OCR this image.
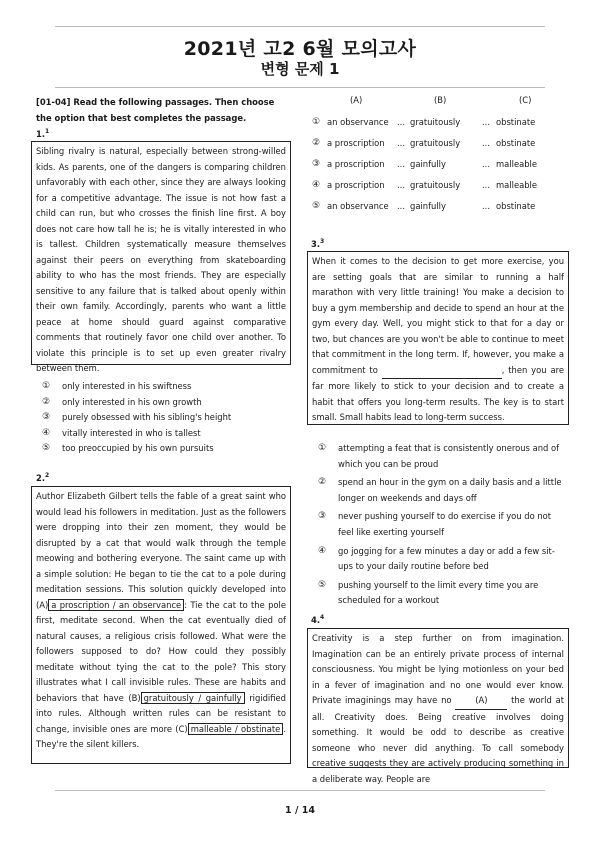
2021년 고2 6월 모의고사
변형 문제 1
[01-04] Read the following passages. Then choose the option that best completes the passage.
1.$^1$
Sibling rivalry is natural, especially between strong-willed kids. As parents, one of the dangers is comparing children unfavorably with each other, since they are always looking for a competitive advantage. The issue is not how fast a child can run, but who crosses the finish line first. A boy does not care how tall he is; he is vitally interested in who is tallest. Children systematically measure themselves against their peers on everything from skateboarding ability to who has the most friends. They are especially sensitive to any failure that is talked about openly within their own family. Accordingly, parents who want a little peace at home should guard against comparative comments that routinely favor one child over another. To violate this principle is to set up even greater rivalry between them.
①	only interested in his swiftness
②	only interested in his own growth
③	purely obsessed with his sibling's height
④	vitally interested in who is tallest
⑤	too preoccupied by his own pursuits
2.$^2$
Author Elizabeth Gilbert tells the fable of a great saint who would lead his followers in meditation. Just as the followers were dropping into their zen moment, they would be disrupted by a cat that would walk through the temple meowing and bothering everyone. The saint came up with a simple solution: He began to tie the cat to a pole during meditation sessions. This solution quickly developed into (A) a proscription / an observance : Tie the cat to the pole first, meditate second. When the cat eventually died of natural causes, a religious crisis followed. What were the followers supposed to do? How could they possibly meditate without tying the cat to the pole? This story illustrates what I call invisible rules. These are habits and behaviors that have (B) gratuitously / gainfully rigidified into rules. Although written rules can be resistant to change, invisible ones are more (C) malleable / obstinate . They're the silent killers.
(A)	(B)	(C)
① an observance ... gratuitously	... obstinate
② a proscription ... gratuitously	... obstinate
③ a proscription ... gainfully	... malleable
④ a proscription ... gratuitously	... malleable
⑤ an observance ... gainfully	... obstinate
3.$^3$
When it comes to the decision to get more exercise, you are setting goals that are similar to running a half marathon with very little training! You make a decision to buy a gym membership and decide to spend an hour at the gym every day. Well, you might stick to that for a day or two, but chances are you won't be able to continue to meet that commitment in the long term. If, however, you make a commitment to	, then you are far more likely to stick to your decision and to create a habit that offers you long-term results. The key is to start small. Small habits lead to long-term success.
①	attempting a feat that is consistently onerous and of which you can be proud
②	spend an hour in the gym on a daily basis and a little longer on weekends and days off
③	never pushing yourself to do exercise if you do not feel like exerting yourself
④	go jogging for a few minutes a day or add a few sit-ups to your daily routine before bed
⑤	pushing yourself to the limit every time you are scheduled for a workout
4.$^4$
Creativity is a step further on from imagination. Imagination can be an entirely private process of internal consciousness. You might be lying motionless on your bed in a fever of imagination and no one would ever know. Private imaginings may have no (A) the world at all. Creativity does. Being creative involves doing something. It would be odd to describe as creative someone who never did anything. To call somebody creative suggests they are actively producing something in a deliberate way. People are
1 / 14
